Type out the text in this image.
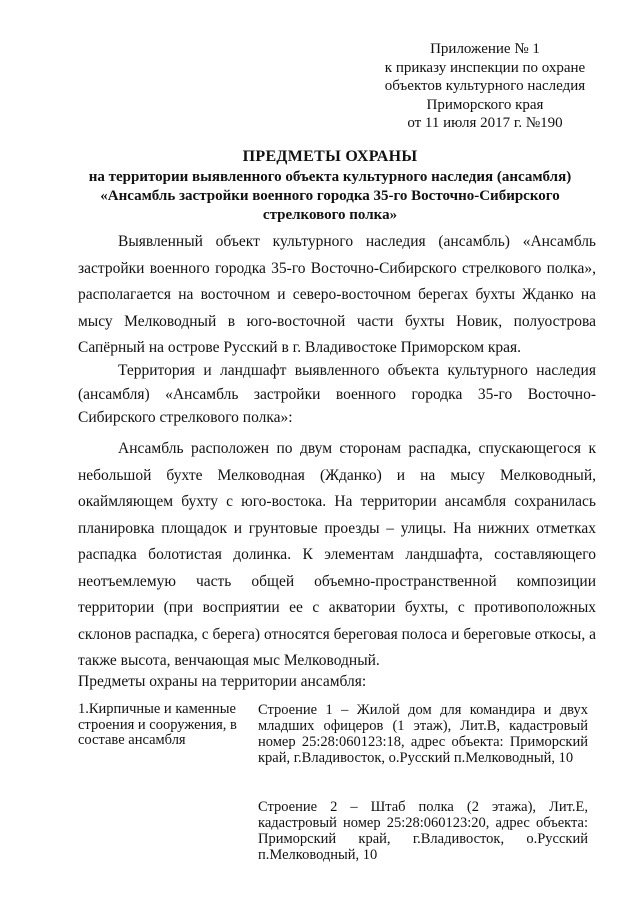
Приложение № 1
к приказу инспекции по охране
объектов культурного наследия
Приморского края
от 11 июля 2017 г. №190
ПРЕДМЕТЫ ОХРАНЫ
на территории выявленного объекта культурного наследия (ансамбля)
«Ансамбль застройки военного городка 35-го Восточно-Сибирского
стрелкового полка»
Выявленный объект культурного наследия (ансамбль) «Ансамбль застройки военного городка 35-го Восточно-Сибирского стрелкового полка», располагается на восточном и северо-восточном берегах бухты Жданко на мысу Мелководный в юго-восточной части бухты Новик, полуострова Сапёрный на острове Русский в г. Владивостоке Приморском края.
Территория и ландшафт выявленного объекта культурного наследия (ансамбля) «Ансамбль застройки военного городка 35-го Восточно-Сибирского стрелкового полка»:
Ансамбль расположен по двум сторонам распадка, спускающегося к небольшой бухте Мелководная (Жданко) и на мысу Мелководный, окаймляющем бухту с юго-востока. На территории ансамбля сохранилась планировка площадок и грунтовые проезды – улицы. На нижних отметках распадка болотистая долинка. К элементам ландшафта, составляющего неотъемлемую часть общей объемно-пространственной композиции территории (при восприятии ее с акватории бухты, с противоположных склонов распадка, с берега) относятся береговая полоса и береговые откосы, а также высота, венчающая мыс Мелководный.
Предметы охраны на территории ансамбля:
1.Кирпичные и каменные строения и сооружения, в составе ансамбля
Строение 1 – Жилой дом для командира и двух младших офицеров (1 этаж), Лит.В, кадастровый номер 25:28:060123:18, адрес объекта: Приморский край, г.Владивосток, о.Русский п.Мелководный, 10
Строение 2 – Штаб полка (2 этажа), Лит.Е, кадастровый номер 25:28:060123:20, адрес объекта: Приморский край, г.Владивосток, о.Русский п.Мелководный, 10
